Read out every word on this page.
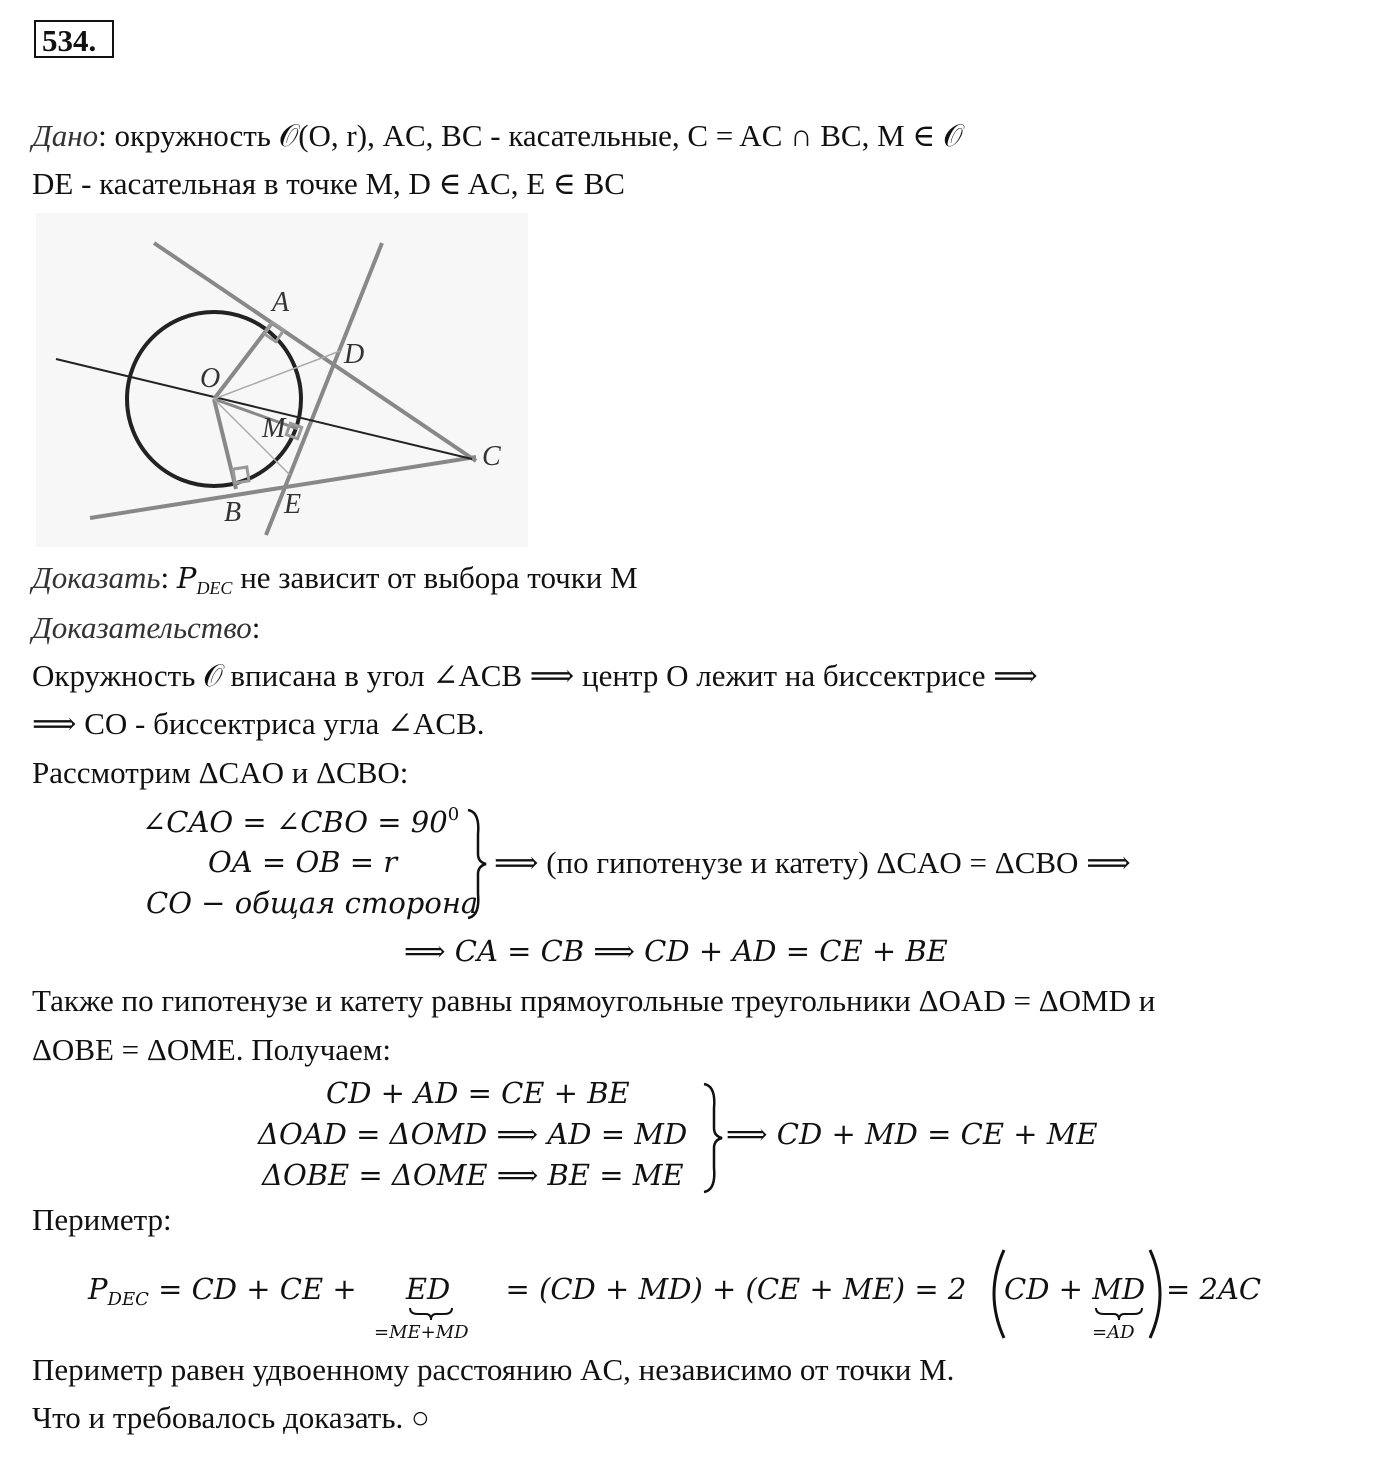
534.
Дано: окружность 𝒪(O, r), AC, BC - касательные, C = AC ∩ BC, M ∈ 𝒪
DE - касательная в точке M, D ∈ AC, E ∈ BC
A
D
O
M
C
B E
Доказать: $P_{DEC}$ не зависит от выбора точки M
Доказательство:
Окружность 𝒪 вписана в угол ∠ACB ⟹ центр O лежит на биссектрисе ⟹
⟹ CO - биссектриса угла ∠ACB.
Рассмотрим ΔCAO и ΔCBO:
∠CAO = ∠CBO = $90^0$
OA = OB = r
CO − общая сторона
⟹ (по гипотенузе и катету) ΔCAO = ΔCBO ⟹
⟹ CA = CB ⟹ CD + AD = CE + BE
Также по гипотенузе и катету равны прямоугольные треугольники ΔOAD = ΔOMD и
ΔOBE = ΔOME. Получаем:
CD + AD = CE + BE
ΔOAD = ΔOMD ⟹ AD = MD
ΔOBE = ΔOME ⟹ BE = ME
⟹ CD + MD = CE + ME
Периметр:
$P_{DEC}$ = CD + CE + ED = (CD + MD) + (CE + ME) = 2
=ME+MD
CD + MD
=AD
= 2AC
Периметр равен удвоенному расстоянию AC, независимо от точки M.
Что и требовалось доказать. ○
